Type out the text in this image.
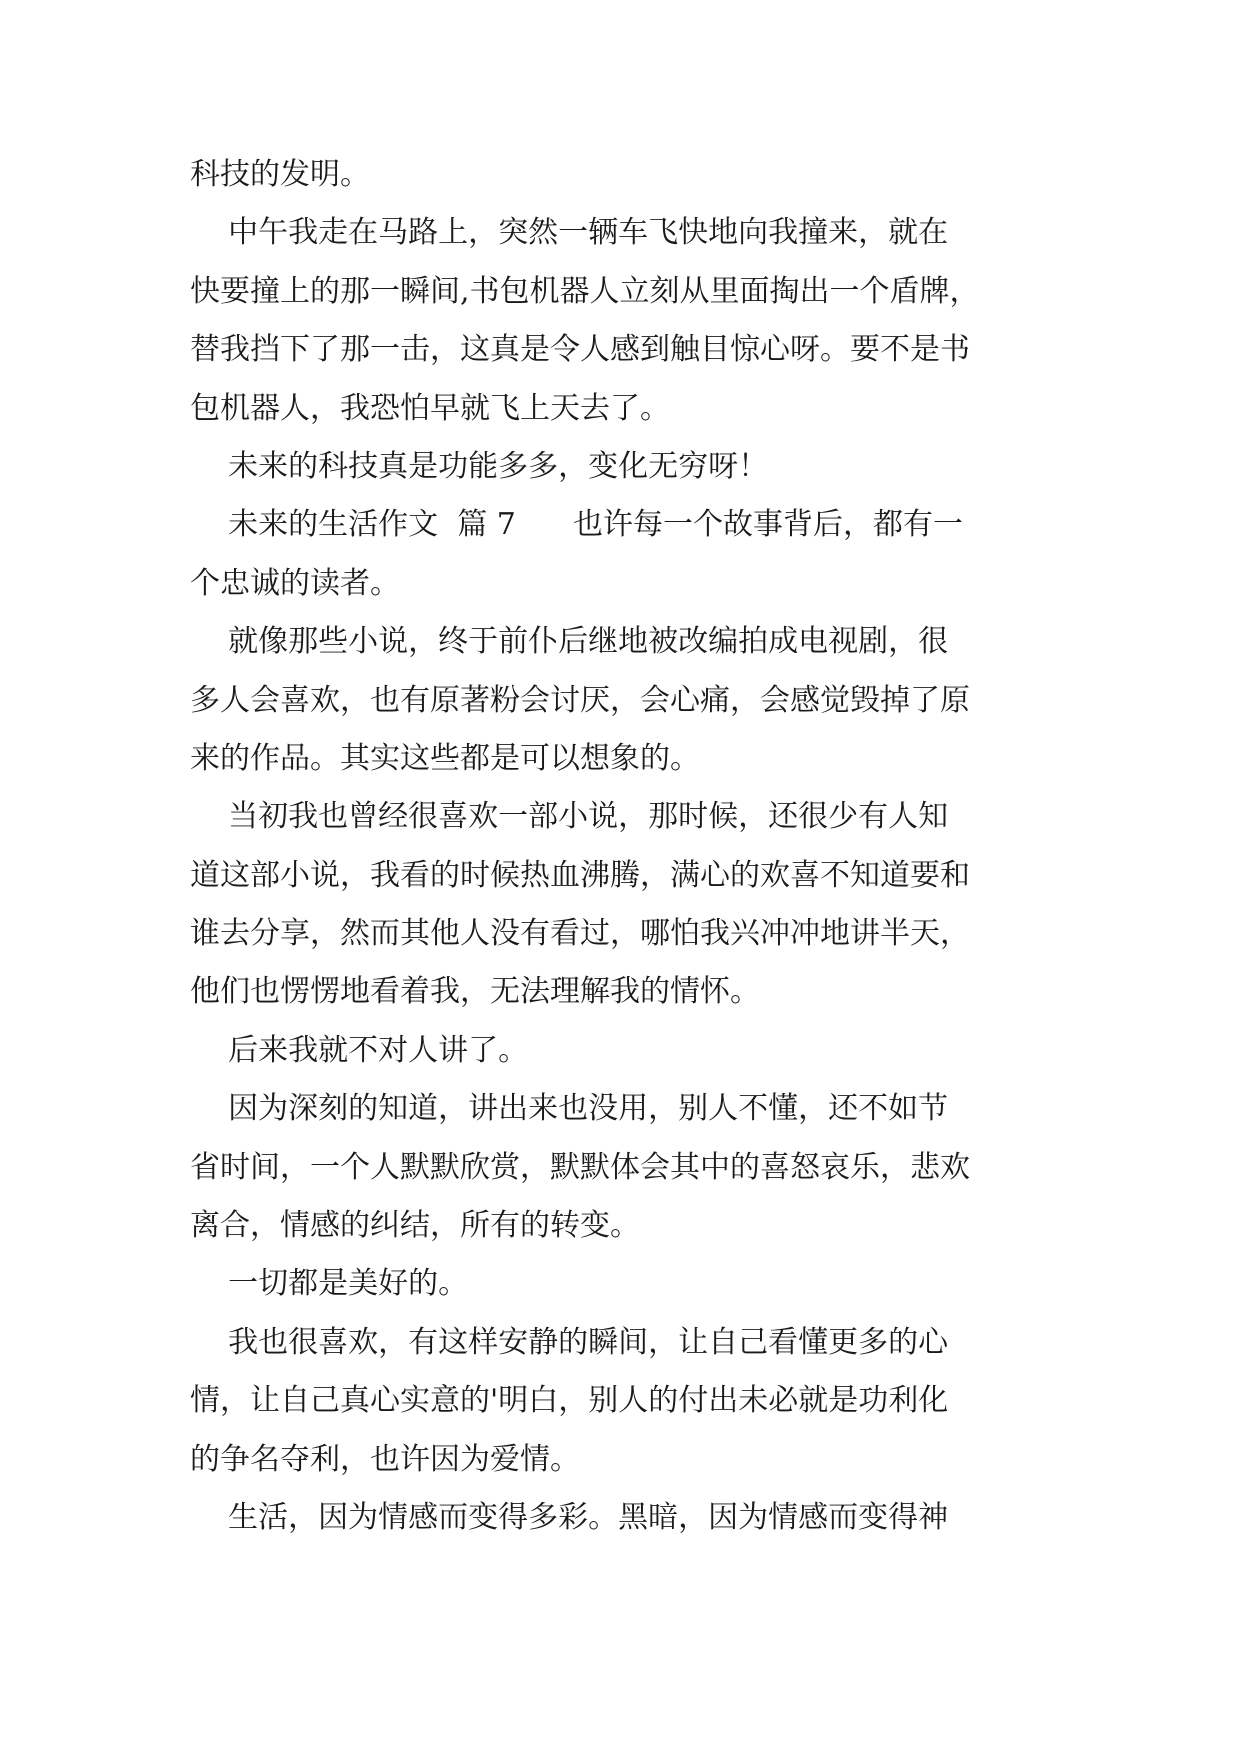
科技的发明。
中午我走在马路上，突然一辆车飞快地向我撞来，就在
快要撞上的那一瞬间,书包机器人立刻从里面掏出一个盾牌，
替我挡下了那一击，这真是令人感到触目惊心呀。要不是书
包机器人，我恐怕早就飞上天去了。
未来的科技真是功能多多，变化无穷呀！
未来的生活作文  篇 7      也许每一个故事背后，都有一
个忠诚的读者。
就像那些小说，终于前仆后继地被改编拍成电视剧，很
多人会喜欢，也有原著粉会讨厌，会心痛，会感觉毁掉了原
来的作品。其实这些都是可以想象的。
当初我也曾经很喜欢一部小说，那时候，还很少有人知
道这部小说，我看的时候热血沸腾，满心的欢喜不知道要和
谁去分享，然而其他人没有看过，哪怕我兴冲冲地讲半天，
他们也愣愣地看着我，无法理解我的情怀。
后来我就不对人讲了。
因为深刻的知道，讲出来也没用，别人不懂，还不如节
省时间，一个人默默欣赏，默默体会其中的喜怒哀乐，悲欢
离合，情感的纠结，所有的转变。
一切都是美好的。
我也很喜欢，有这样安静的瞬间，让自己看懂更多的心
情，让自己真心实意的'明白，别人的付出未必就是功利化
的争名夺利，也许因为爱情。
生活，因为情感而变得多彩。黑暗，因为情感而变得神
